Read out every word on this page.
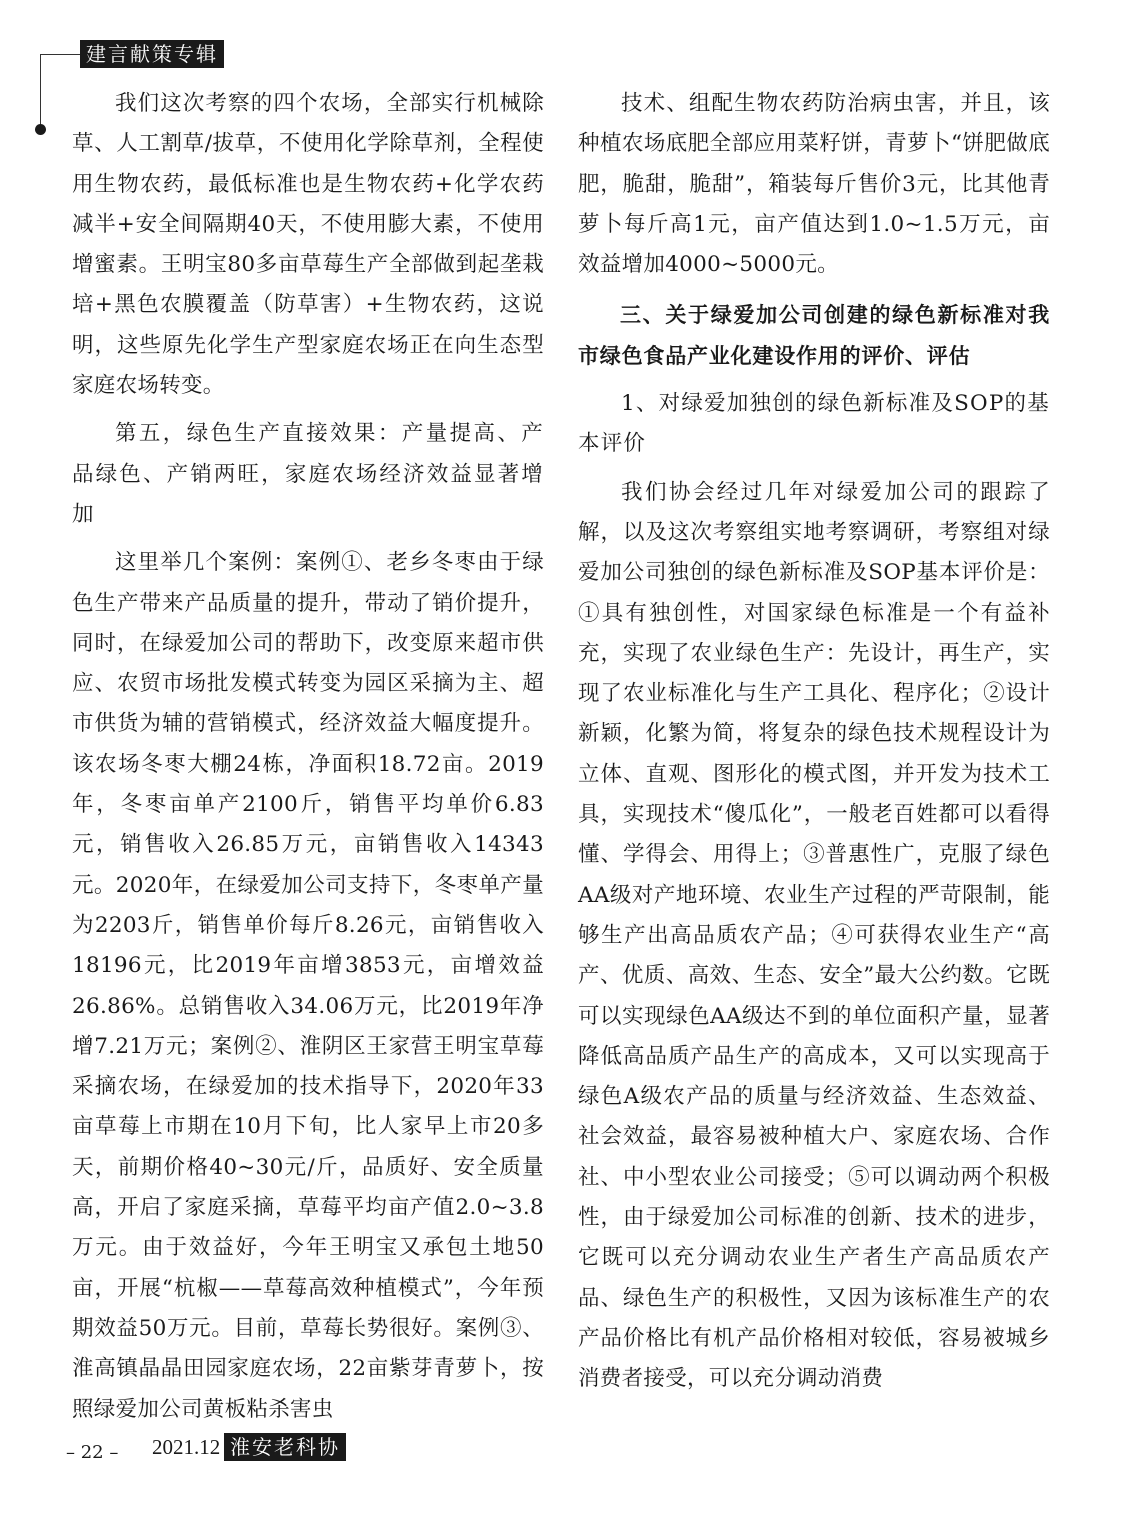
建言献策专辑

我们这次考察的四个农场，全部实行机械除草、人工割草/拔草，不使用化学除草剂，全程使用生物农药，最低标准也是生物农药+化学农药减半+安全间隔期40天，不使用膨大素，不使用增蜜素。王明宝80多亩草莓生产全部做到起垄栽培+黑色农膜覆盖（防草害）+生物农药，这说明，这些原先化学生产型家庭农场正在向生态型家庭农场转变。

第五，绿色生产直接效果：产量提高、产品绿色、产销两旺，家庭农场经济效益显著增加

这里举几个案例：案例①、老乡冬枣由于绿色生产带来产品质量的提升，带动了销价提升，同时，在绿爱加公司的帮助下，改变原来超市供应、农贸市场批发模式转变为园区采摘为主、超市供货为辅的营销模式，经济效益大幅度提升。该农场冬枣大棚24栋，净面积18.72亩。2019年，冬枣亩单产2100斤，销售平均单价6.83元，销售收入26.85万元，亩销售收入14343元。2020年，在绿爱加公司支持下，冬枣单产量为2203斤，销售单价每斤8.26元，亩销售收入18196元，比2019年亩增3853元，亩增效益26.86%。总销售收入34.06万元，比2019年净增7.21万元；案例②、淮阴区王家营王明宝草莓采摘农场，在绿爱加的技术指导下，2020年33亩草莓上市期在10月下旬，比人家早上市20多天，前期价格40~30元/斤，品质好、安全质量高，开启了家庭采摘，草莓平均亩产值2.0~3.8万元。由于效益好，今年王明宝又承包土地50亩，开展“杭椒——草莓高效种植模式”，今年预期效益50万元。目前，草莓长势很好。案例③、淮高镇晶晶田园家庭农场，22亩紫芽青萝卜，按照绿爱加公司黄板粘杀害虫

技术、组配生物农药防治病虫害，并且，该种植农场底肥全部应用菜籽饼，青萝卜“饼肥做底肥，脆甜，脆甜”，箱装每斤售价3元，比其他青萝卜每斤高1元，亩产值达到1.0~1.5万元，亩效益增加4000~5000元。

三、关于绿爱加公司创建的绿色新标准对我市绿色食品产业化建设作用的评价、评估

1、对绿爱加独创的绿色新标准及SOP的基本评价

我们协会经过几年对绿爱加公司的跟踪了解，以及这次考察组实地考察调研，考察组对绿爱加公司独创的绿色新标准及SOP基本评价是：①具有独创性，对国家绿色标准是一个有益补充，实现了农业绿色生产：先设计，再生产，实现了农业标准化与生产工具化、程序化；②设计新颖，化繁为简，将复杂的绿色技术规程设计为立体、直观、图形化的模式图，并开发为技术工具，实现技术“傻瓜化”，一般老百姓都可以看得懂、学得会、用得上；③普惠性广，克服了绿色AA级对产地环境、农业生产过程的严苛限制，能够生产出高品质农产品；④可获得农业生产“高产、优质、高效、生态、安全”最大公约数。它既可以实现绿色AA级达不到的单位面积产量，显著降低高品质产品生产的高成本，又可以实现高于绿色A级农产品的质量与经济效益、生态效益、社会效益，最容易被种植大户、家庭农场、合作社、中小型农业公司接受；⑤可以调动两个积极性，由于绿爱加公司标准的创新、技术的进步，它既可以充分调动农业生产者生产高品质农产品、绿色生产的积极性，又因为该标准生产的农产品价格比有机产品价格相对较低，容易被城乡消费者接受，可以充分调动消费

– 22 – 2021.12 淮安老科协
